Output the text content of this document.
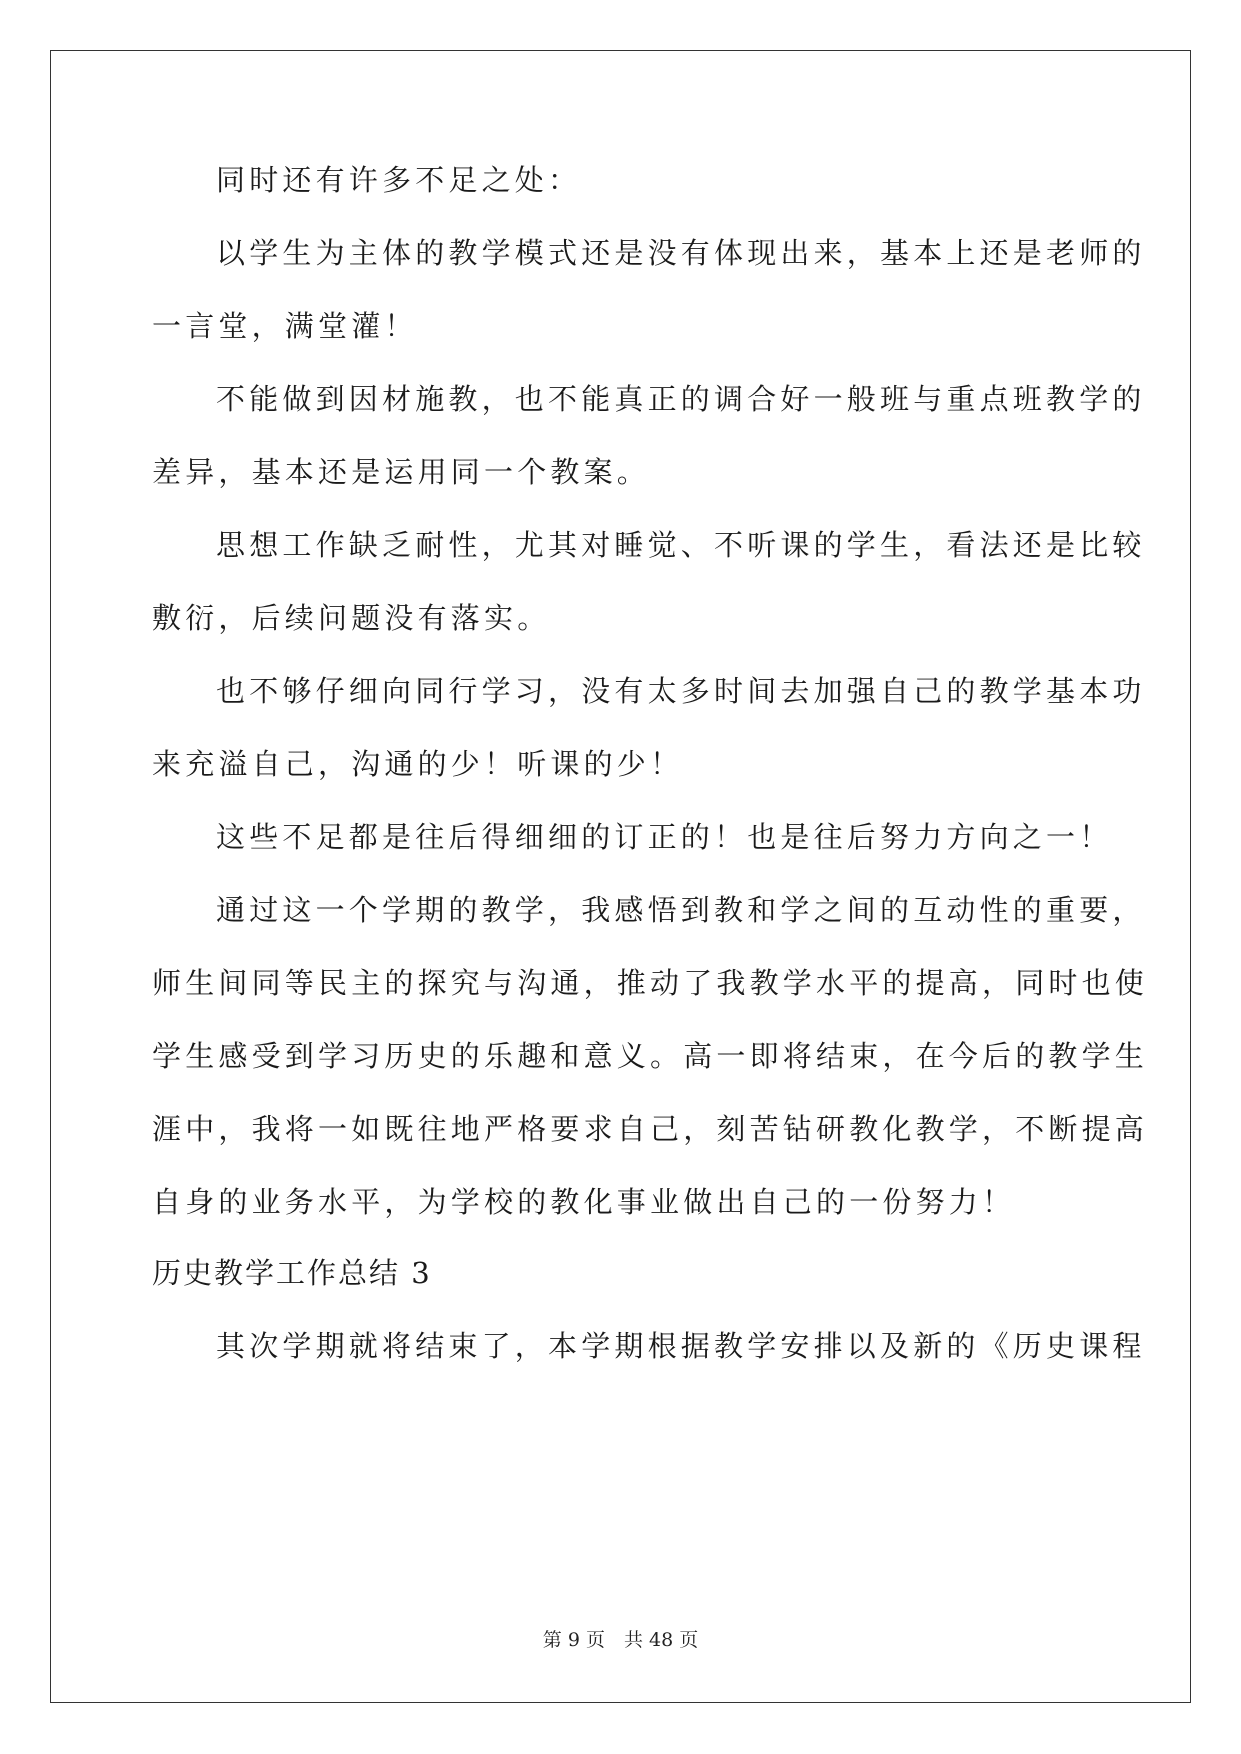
同时还有许多不足之处：
以学生为主体的教学模式还是没有体现出来，基本上还是老师的
一言堂，满堂灌！
不能做到因材施教，也不能真正的调合好一般班与重点班教学的
差异，基本还是运用同一个教案。
思想工作缺乏耐性，尤其对睡觉、不听课的学生，看法还是比较
敷衍，后续问题没有落实。
也不够仔细向同行学习，没有太多时间去加强自己的教学基本功
来充溢自己，沟通的少！听课的少！
这些不足都是往后得细细的订正的！也是往后努力方向之一！
通过这一个学期的教学，我感悟到教和学之间的互动性的重要，
师生间同等民主的探究与沟通，推动了我教学水平的提高，同时也使
学生感受到学习历史的乐趣和意义。高一即将结束，在今后的教学生
涯中，我将一如既往地严格要求自己，刻苦钻研教化教学，不断提高
自身的业务水平，为学校的教化事业做出自己的一份努力！
历史教学工作总结 3
其次学期就将结束了，本学期根据教学安排以及新的《历史课程
第 9 页　共 48 页
